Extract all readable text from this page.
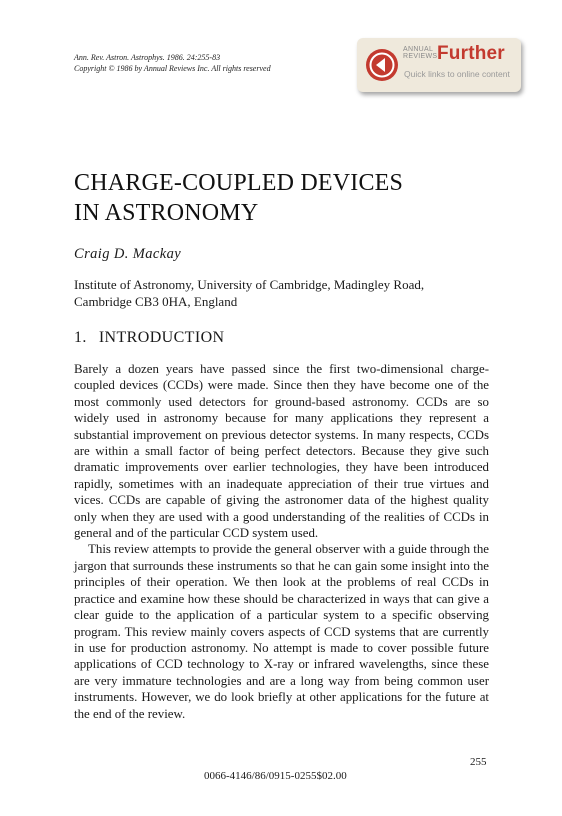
Ann. Rev. Astron. Astrophys. 1986. 24:255-83
Copyright © 1986 by Annual Reviews Inc. All rights reserved
ANNUAL
REVIEWS Further
Quick links to online content
CHARGE-COUPLED DEVICES
IN ASTRONOMY
Craig D. Mackay
Institute of Astronomy, University of Cambridge, Madingley Road,
Cambridge CB3 0HA, England
1. INTRODUCTION

Barely a dozen years have passed since the first two-dimensional charge-coupled devices (CCDs) were made. Since then they have become one of the most commonly used detectors for ground-based astronomy. CCDs are so widely used in astronomy because for many applications they represent a substantial improvement on previous detector systems. In many respects, CCDs are within a small factor of being perfect detectors. Because they give such dramatic improvements over earlier technologies, they have been introduced rapidly, sometimes with an inadequate appreciation of their true virtues and vices. CCDs are capable of giving the astronomer data of the highest quality only when they are used with a good understanding of the realities of CCDs in general and of the particular CCD system used.

This review attempts to provide the general observer with a guide through the jargon that surrounds these instruments so that he can gain some insight into the principles of their operation. We then look at the problems of real CCDs in practice and examine how these should be characterized in ways that can give a clear guide to the application of a particular system to a specific observing program. This review mainly covers aspects of CCD systems that are currently in use for production astronomy. No attempt is made to cover possible future applications of CCD technology to X-ray or infrared wavelengths, since these are very immature technologies and are a long way from being common user instruments. However, we do look briefly at other applications for the future at the end of the review.

255
0066-4146/86/0915-0255$02.00
